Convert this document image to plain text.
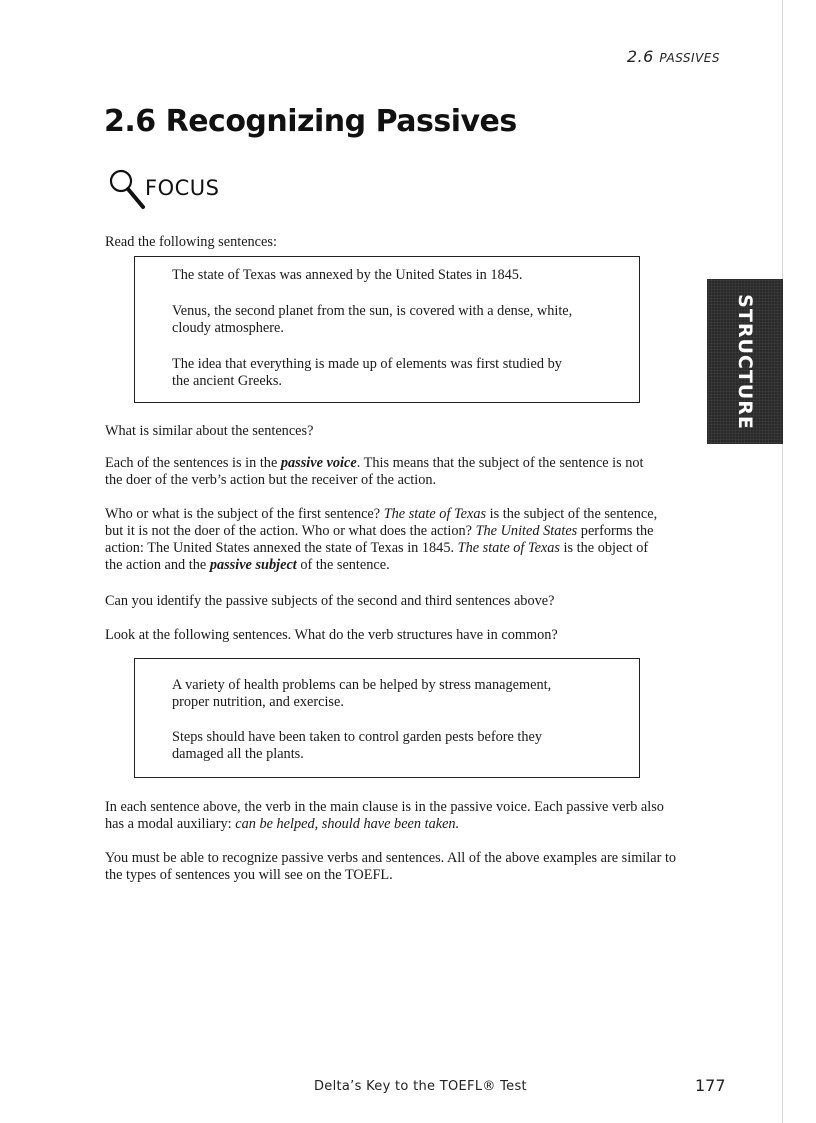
2.6 PASSIVES
2.6 Recognizing Passives
FOCUS

Read the following sentences:

The state of Texas was annexed by the United States in 1845.

Venus, the second planet from the sun, is covered with a dense, white,

cloudy atmosphere.

The idea that everything is made up of elements was first studied by

the ancient Greeks.

What is similar about the sentences?

Each of the sentences is in the passive voice. This means that the subject of the sentence is not
the doer of the verb’s action but the receiver of the action.

Who or what is the subject of the first sentence? The state of Texas is the subject of the sentence,
but it is not the doer of the action. Who or what does the action? The United States performs the
action: The United States annexed the state of Texas in 1845. The state of Texas is the object of
the action and the passive subject of the sentence.

Can you identify the passive subjects of the second and third sentences above?

Look at the following sentences. What do the verb structures have in common?

A variety of health problems can be helped by stress management,

proper nutrition, and exercise.

Steps should have been taken to control garden pests before they

damaged all the plants.

In each sentence above, the verb in the main clause is in the passive voice. Each passive verb also
has a modal auxiliary: can be helped, should have been taken.

You must be able to recognize passive verbs and sentences. All of the above examples are similar to
the types of sentences you will see on the TOEFL.

STRUCTURE
Delta’s Key to the TOEFL® Test	177
